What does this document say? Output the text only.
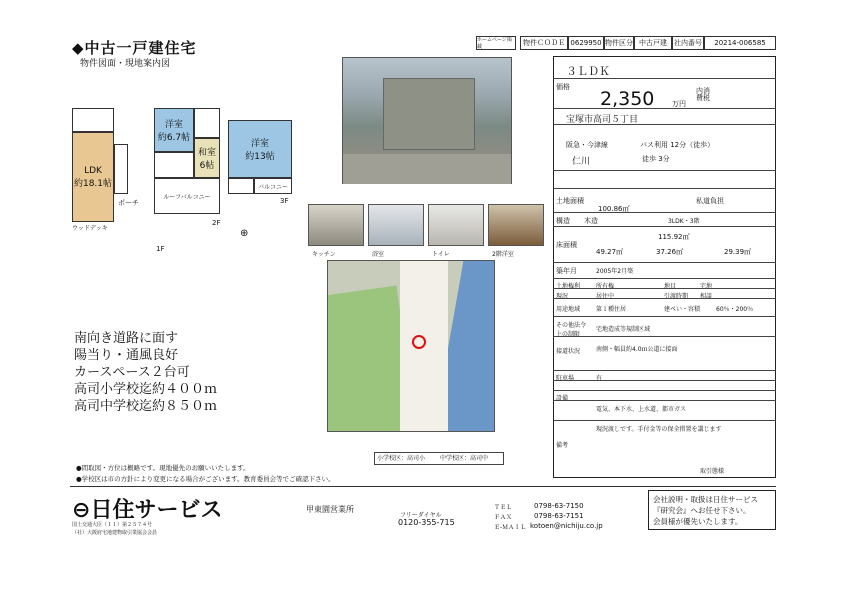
◆中古一戸建住宅
物件図面・現地案内図
ホームページ掲載	物件ＣＯＤＥ 0629950 物件区分 中古戸建	社内番号	20214-006585
LDK
約18.1帖
ポーチ
ウッドデッキ
1F
洋室
約6.7帖
和室
6帖
ルーフバルコニー
2F
洋室
約13帖
バルコニー
3F
⊕
キッチン	浴室	トイレ	2階洋室
小学校区：高司小	中学校区：高司中
南向き道路に面す
陽当り・通風良好
カースペース２台可
高司小学校迄約４００ｍ
高司中学校迄約８５０ｍ
●間取図・方位は概略です。現地優先のお願いいたします。
●学校区は市の方針により変更になる場合がございます。教育委員会等でご確認下さい。
３ＬＤＫ
価格
2,350	万円
内消費税
宝塚市高司５丁目
阪急・今津線
仁川
バス利用 12分（徒歩）
徒歩 3分
土地面積
100.86㎡
私道負担
構造 木造	3LDK・3階
床面積
115.92㎡
49.27㎡	37.26㎡	29.39㎡
築年月	2005年2月築
土地権利	所有権	地目	宅地
現況	居住中	引渡時期 相談
用途地域	第１種住居	建ぺい・容積	60％・200％
その他法令上の制限
宅地造成等規制区域
接道状況	南側・幅員約4.0ｍ公道に接面
駐車場	有
設備
電気、本下水、上水道、都市ガス
備考
現況渡しです。手付金等の保全措置を講じます
取引態様
⊖日住サービス	甲東園営業所
フリーダイヤル
0120-355-715
ＴＥＬ	0798-63-7150
ＦＡＸ	0798-63-7151
Ｅ-ＭＡＩＬ kotoen@nichiju.co.jp
国土交通大臣（１１）第２５７４号
（社）大阪府宅地建物取引業協会会員
会社説明・取扱は日住サービス
『研究会』へお任せ下さい。
会員様が優先いたします。
